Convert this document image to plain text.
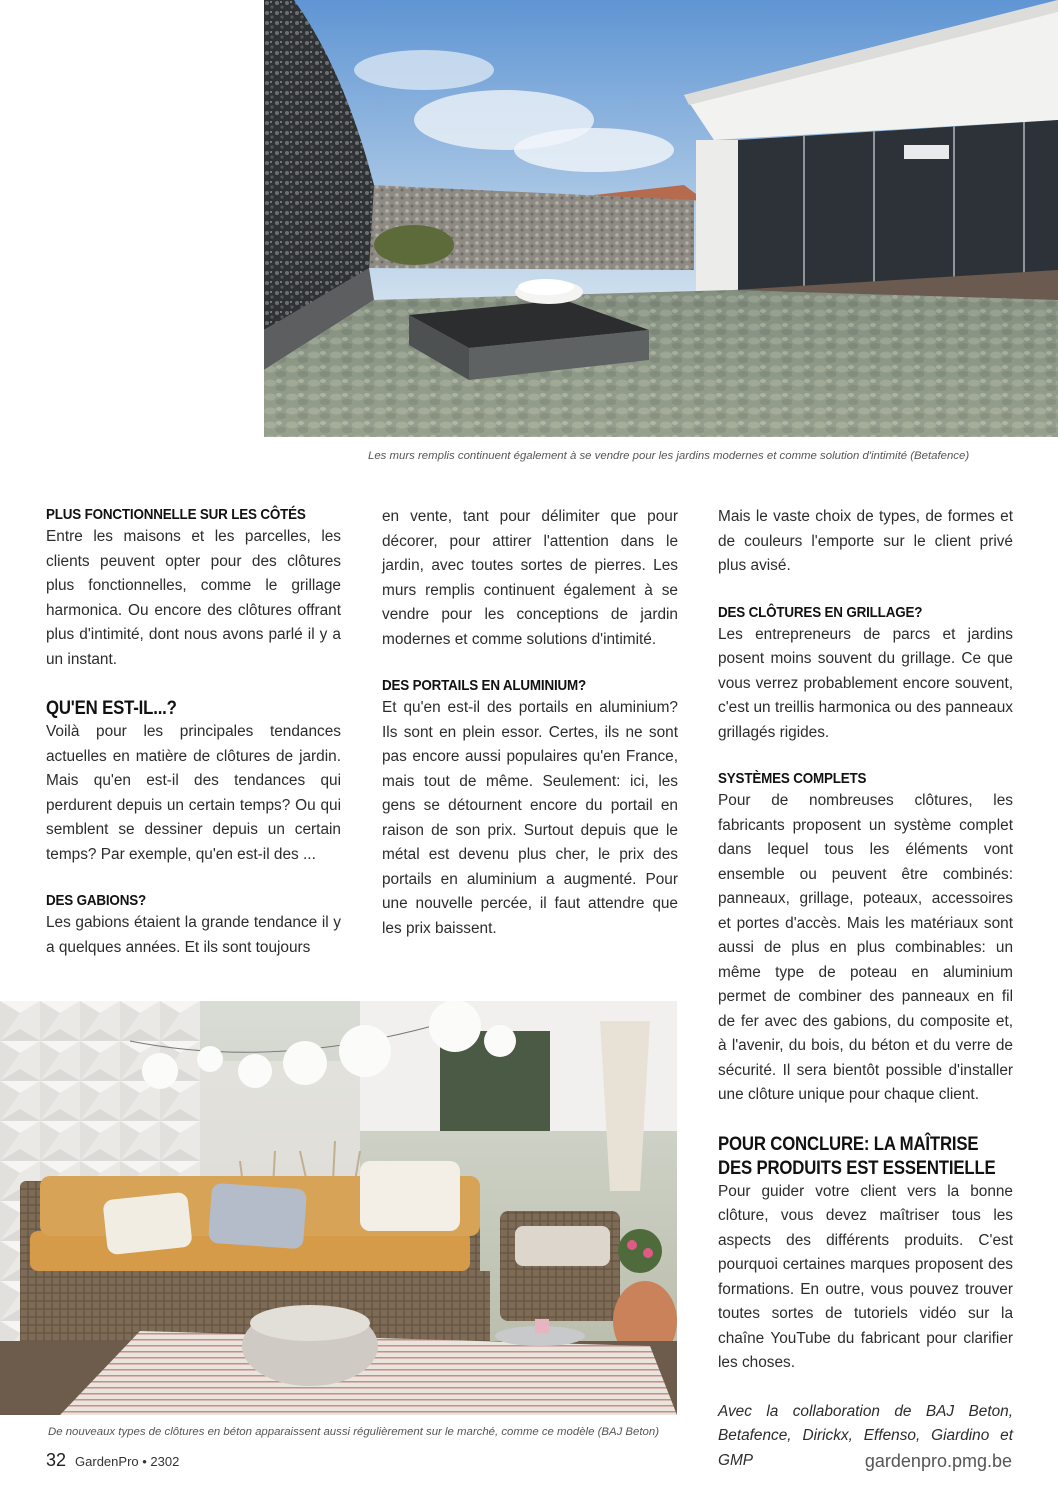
Les murs remplis continuent également à se vendre pour les jardins modernes et comme solution d'intimité (Betafence)
PLUS FONCTIONNELLE SUR LES CÔTÉS

Entre les maisons et les parcelles, les clients peuvent opter pour des clôtures plus fonctionnelles, comme le grillage harmonica. Ou encore des clôtures offrant plus d'intimité, dont nous avons parlé il y a un instant.

QU'EN EST-IL...?

Voilà pour les principales tendances actuelles en matière de clôtures de jardin. Mais qu'en est-il des tendances qui perdurent depuis un certain temps? Ou qui semblent se dessiner depuis un certain temps? Par exemple, qu'en est-il des ...

DES GABIONS?

Les gabions étaient la grande tendance il y a quelques années. Et ils sont toujours

en vente, tant pour délimiter que pour décorer, pour attirer l'attention dans le jardin, avec toutes sortes de pierres. Les murs remplis continuent également à se vendre pour les conceptions de jardin modernes et comme solutions d'intimité.

DES PORTAILS EN ALUMINIUM?

Et qu'en est-il des portails en aluminium? Ils sont en plein essor. Certes, ils ne sont pas encore aussi populaires qu'en France, mais tout de même. Seulement: ici, les gens se détournent encore du portail en raison de son prix. Surtout depuis que le métal est devenu plus cher, le prix des portails en aluminium a augmenté. Pour une nouvelle percée, il faut attendre que les prix baissent.

Mais le vaste choix de types, de formes et de couleurs l'emporte sur le client privé plus avisé.

DES CLÔTURES EN GRILLAGE?

Les entrepreneurs de parcs et jardins posent moins souvent du grillage. Ce que vous verrez probablement encore souvent, c'est un treillis harmonica ou des panneaux grillagés rigides.

SYSTÈMES COMPLETS

Pour de nombreuses clôtures, les fabricants proposent un système complet dans lequel tous les éléments vont ensemble ou peuvent être combinés: panneaux, grillage, poteaux, accessoires et portes d'accès. Mais les matériaux sont aussi de plus en plus combinables: un même type de poteau en aluminium permet de combiner des panneaux en fil de fer avec des gabions, du composite et, à l'avenir, du bois, du béton et du verre de sécurité. Il sera bientôt possible d'installer une clôture unique pour chaque client.

POUR CONCLURE: LA MAÎTRISE
DES PRODUITS EST ESSENTIELLE

Pour guider votre client vers la bonne clôture, vous devez maîtriser tous les aspects des différents produits. C'est pourquoi certaines marques proposent des formations. En outre, vous pouvez trouver toutes sortes de tutoriels vidéo sur la chaîne YouTube du fabricant pour clarifier les choses.

Avec la collaboration de BAJ Beton, Betafence, Dirickx, Effenso, Giardino et GMP

De nouveaux types de clôtures en béton apparaissent aussi régulièrement sur le marché, comme ce modèle (BAJ Beton)
32 GardenPro • 2302	gardenpro.pmg.be
